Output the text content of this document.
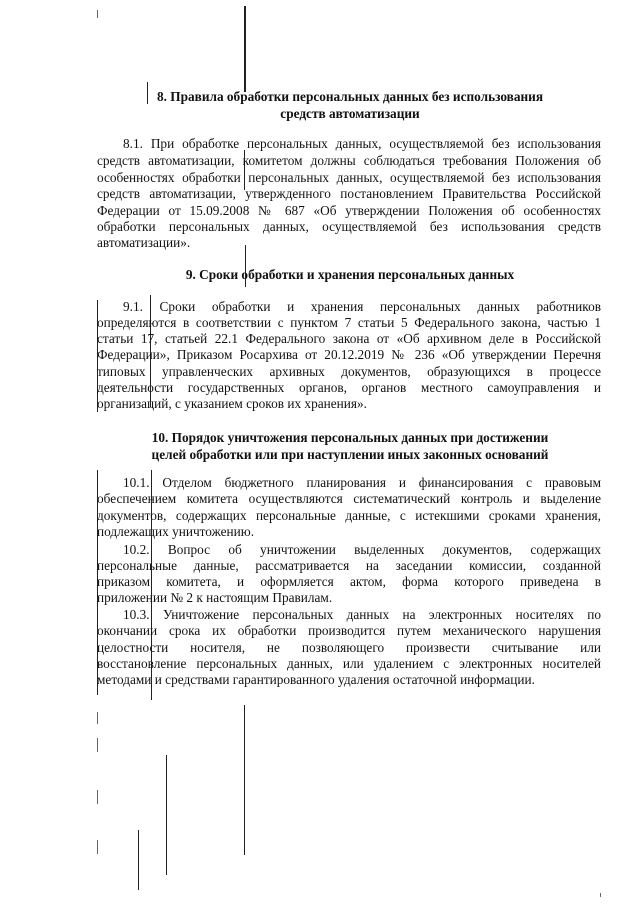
8. Правила обработки персональных данных без использования
средств автоматизации
8.1. При обработке персональных данных, осуществляемой без использования
средств автоматизации, комитетом должны соблюдаться требования Положения об
особенностях обработки персональных данных, осуществляемой без использования
средств автоматизации, утвержденного постановлением Правительства Российской
Федерации от 15.09.2008 № 687 «Об утверждении Положения об особенностях
обработки персональных данных, осуществляемой без использования средств
автоматизации».
9. Сроки обработки и хранения персональных данных
9.1. Сроки обработки и хранения персональных данных работников
определяются в соответствии с пунктом 7 статьи 5 Федерального закона, частью 1
статьи 17, статьей 22.1 Федерального закона от «Об архивном деле в Российской
Федерации», Приказом Росархива от 20.12.2019 № 236 «Об утверждении Перечня
типовых управленческих архивных документов, образующихся в процессе
деятельности государственных органов, органов местного самоуправления и
организаций, с указанием сроков их хранения».
10. Порядок уничтожения персональных данных при достижении
целей обработки или при наступлении иных законных оснований
10.1. Отделом бюджетного планирования и финансирования с правовым
обеспечением комитета осуществляются систематический контроль и выделение
документов, содержащих персональные данные, с истекшими сроками хранения,
подлежащих уничтожению.
10.2. Вопрос об уничтожении выделенных документов, содержащих
персональные данные, рассматривается на заседании комиссии, созданной
приказом комитета, и оформляется актом, форма которого приведена в
приложении № 2 к настоящим Правилам.
10.3. Уничтожение персональных данных на электронных носителях по
окончании срока их обработки производится путем механического нарушения
целостности носителя, не позволяющего произвести считывание или
восстановление персональных данных, или удалением с электронных носителей
методами и средствами гарантированного удаления остаточной информации.
